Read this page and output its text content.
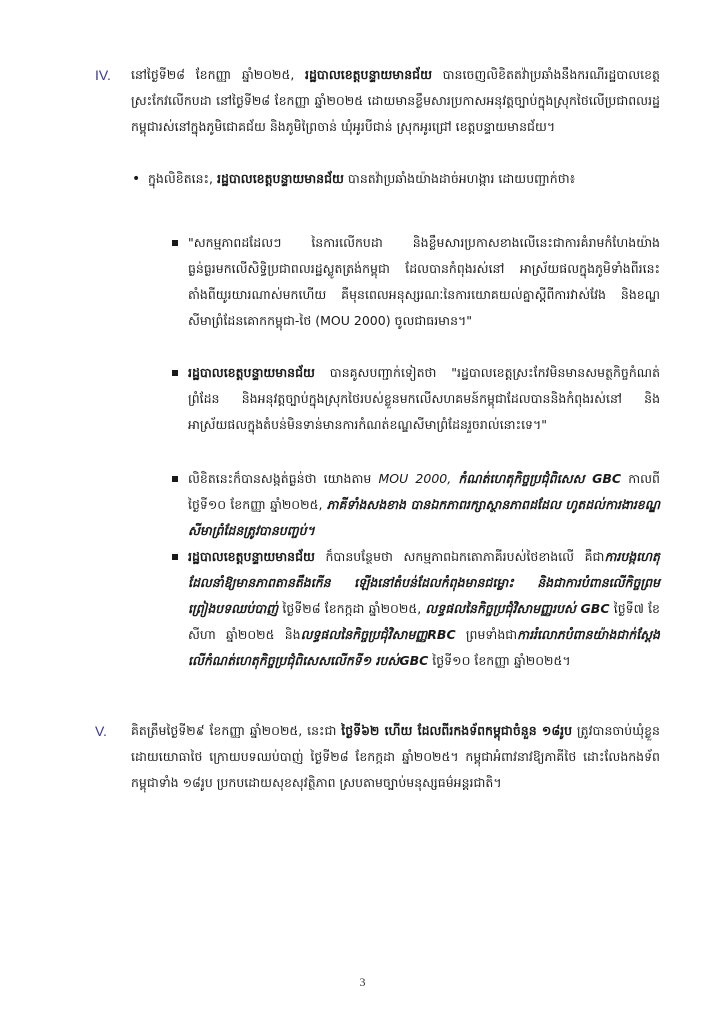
IV. នៅថ្ងៃទី២៨ ខែកញ្ញា ឆ្នាំ២០២៥, រដ្ឋបាលខេត្តបន្ទាយមានជ័យ បានចេញលិខិតតវ៉ាប្រឆាំងនឹងករណីរដ្ឋបាលខេត្តស្រះកែវលើកបដា នៅថ្ងៃទី២៨ ខែកញ្ញា ឆ្នាំ២០២៥ ដោយមានខ្លឹមសារប្រកាសអនុវត្តច្បាប់ក្នុងស្រុកថៃលើប្រជាពលរដ្ឋកម្ពុជារស់នៅក្នុងភូមិជោគជ័យ និងភូមិព្រៃចាន់ ឃុំអូរបីជាន់ ស្រុកអូរជ្រៅ ខេត្តបន្ទាយមានជ័យ។
• ក្នុងលិខិតនេះ, រដ្ឋបាលខេត្តបន្ទាយមានជ័យ បានតវ៉ាប្រឆាំងយ៉ាងដាច់អហង្ការ ដោយបញ្ជាក់ថា៖
"សកម្មភាពដដែលៗ នៃការលើកបដា និងខ្លឹមសារប្រកាសខាងលើនេះជាការគំរាមកំហែងយ៉ាង ធ្ងន់ធ្ងរមកលើសិទ្ធិប្រជាពលរដ្ឋស្លូតត្រង់កម្ពុជា ដែលបានកំពុងរស់នៅ អាស្រ័យផលក្នុងភូមិទាំងពីរនេះ តាំងពីយូរយារណាស់មកហើយ គឺមុនពេលអនុស្សរណៈនៃការយោគយល់គ្នាស្ដីពីការវាស់វែង និងខណ្ឌសីមាព្រំដែនគោកកម្ពុជា-ថៃ (MOU 2000) ចូលជាធរមាន។"
រដ្ឋបាលខេត្តបន្ទាយមានជ័យ បានគូសបញ្ជាក់ទៀតថា "រដ្ឋបាលខេត្តស្រះកែវមិនមានសមត្ថកិច្ចកំណត់ព្រំដែន និងអនុវត្តច្បាប់ក្នុងស្រុកថៃរបស់ខ្លួនមកលើសហគមន៍កម្ពុជាដែលបាននិងកំពុងរស់នៅ និងអាស្រ័យផលក្នុងតំបន់មិនទាន់មានការកំណត់ខណ្ឌសីមាព្រំដែនរួចរាល់នោះទេ។"
លិខិតនេះក៏បានសង្កត់ធ្ងន់ថា យោងតាម MOU 2000, កំណត់ហេតុកិច្ចប្រជុំពិសេស GBC កាលពីថ្ងៃទី១០ ខែកញ្ញា ឆ្នាំ២០២៥, ភាគីទាំងសងខាង បានឯកភាពរក្សាស្ថានភាពដដែល ហូតដល់ការងារខណ្ឌសីមាព្រំដែនត្រូវបានបញ្ចប់។
រដ្ឋបាលខេត្តបន្ទាយមានជ័យ ក៏បានបន្ថែមថា សកម្មភាពឯកតោភាគីរបស់ថៃខាងលើ គឺជាការបង្កហេតុដែលនាំឱ្យមានភាពតានតឹងកើន ឡើងនៅតំបន់ដែលកំពុងមានជម្លោះ និងជាការបំពានលើកិច្ចព្រមព្រៀងបទឈប់បាញ់ ថ្ងៃទី២៨ ខែកក្កដា ឆ្នាំ២០២៥, លទ្ធផលនៃកិច្ចប្រជុំវិសាមញ្ញរបស់ GBC ថ្ងៃទី៧ ខែសីហា ឆ្នាំ២០២៥ និងលទ្ធផលនៃកិច្ចប្រជុំវិសាមញ្ញRBC ព្រមទាំងជាការរំលោភបំពានយ៉ាងជាក់ស្ដែងលើកំណត់ហេតុកិច្ចប្រជុំពិសេសលើកទី១ របស់GBC ថ្ងៃទី១០ ខែកញ្ញា ឆ្នាំ២០២៥។
V. គិតត្រឹមថ្ងៃទី២៩ ខែកញ្ញា ឆ្នាំ២០២៥, នេះជា ថ្ងៃទី៦២ ហើយ ដែលពីរកងទ័ពកម្ពុជាចំនួន ១៨រូប ត្រូវបានចាប់ឃុំខ្លួនដោយយោធាថៃ ក្រោយបទឈប់បាញ់ ថ្ងៃទី២៨ ខែកក្កដា ឆ្នាំ២០២៥។ កម្ពុជាអំពាវនាវឱ្យភាគីថៃ ដោះលែងកងទ័ពកម្ពុជាទាំង ១៨រូប ប្រកបដោយសុខសុវត្ថិភាព ស្របតាមច្បាប់មនុស្សធម៌អន្តរជាតិ។
3
